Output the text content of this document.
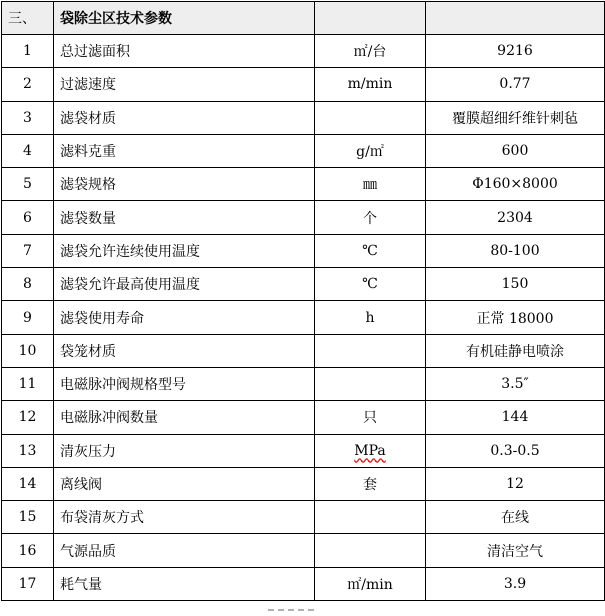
三、	袋除尘区技术参数		
1	总过滤面积	㎡/台	9216
2	过滤速度	m/min	0.77
3	滤袋材质		覆膜超细纤维针刺毡
4	滤料克重	g/㎡	600
5	滤袋规格	㎜	Φ160×8000
6	滤袋数量	个	2304
7	滤袋允许连续使用温度	℃	80-100
8	滤袋允许最高使用温度	℃	150
9	滤袋使用寿命	h	正常 18000
10	袋笼材质		有机硅静电喷涂
11	电磁脉冲阀规格型号		3.5″
12	电磁脉冲阀数量	只	144
13	清灰压力	MPa	0.3-0.5
14	离线阀	套	12
15	布袋清灰方式		在线
16	气源品质		清洁空气
17	耗气量	㎡/min	3.9
